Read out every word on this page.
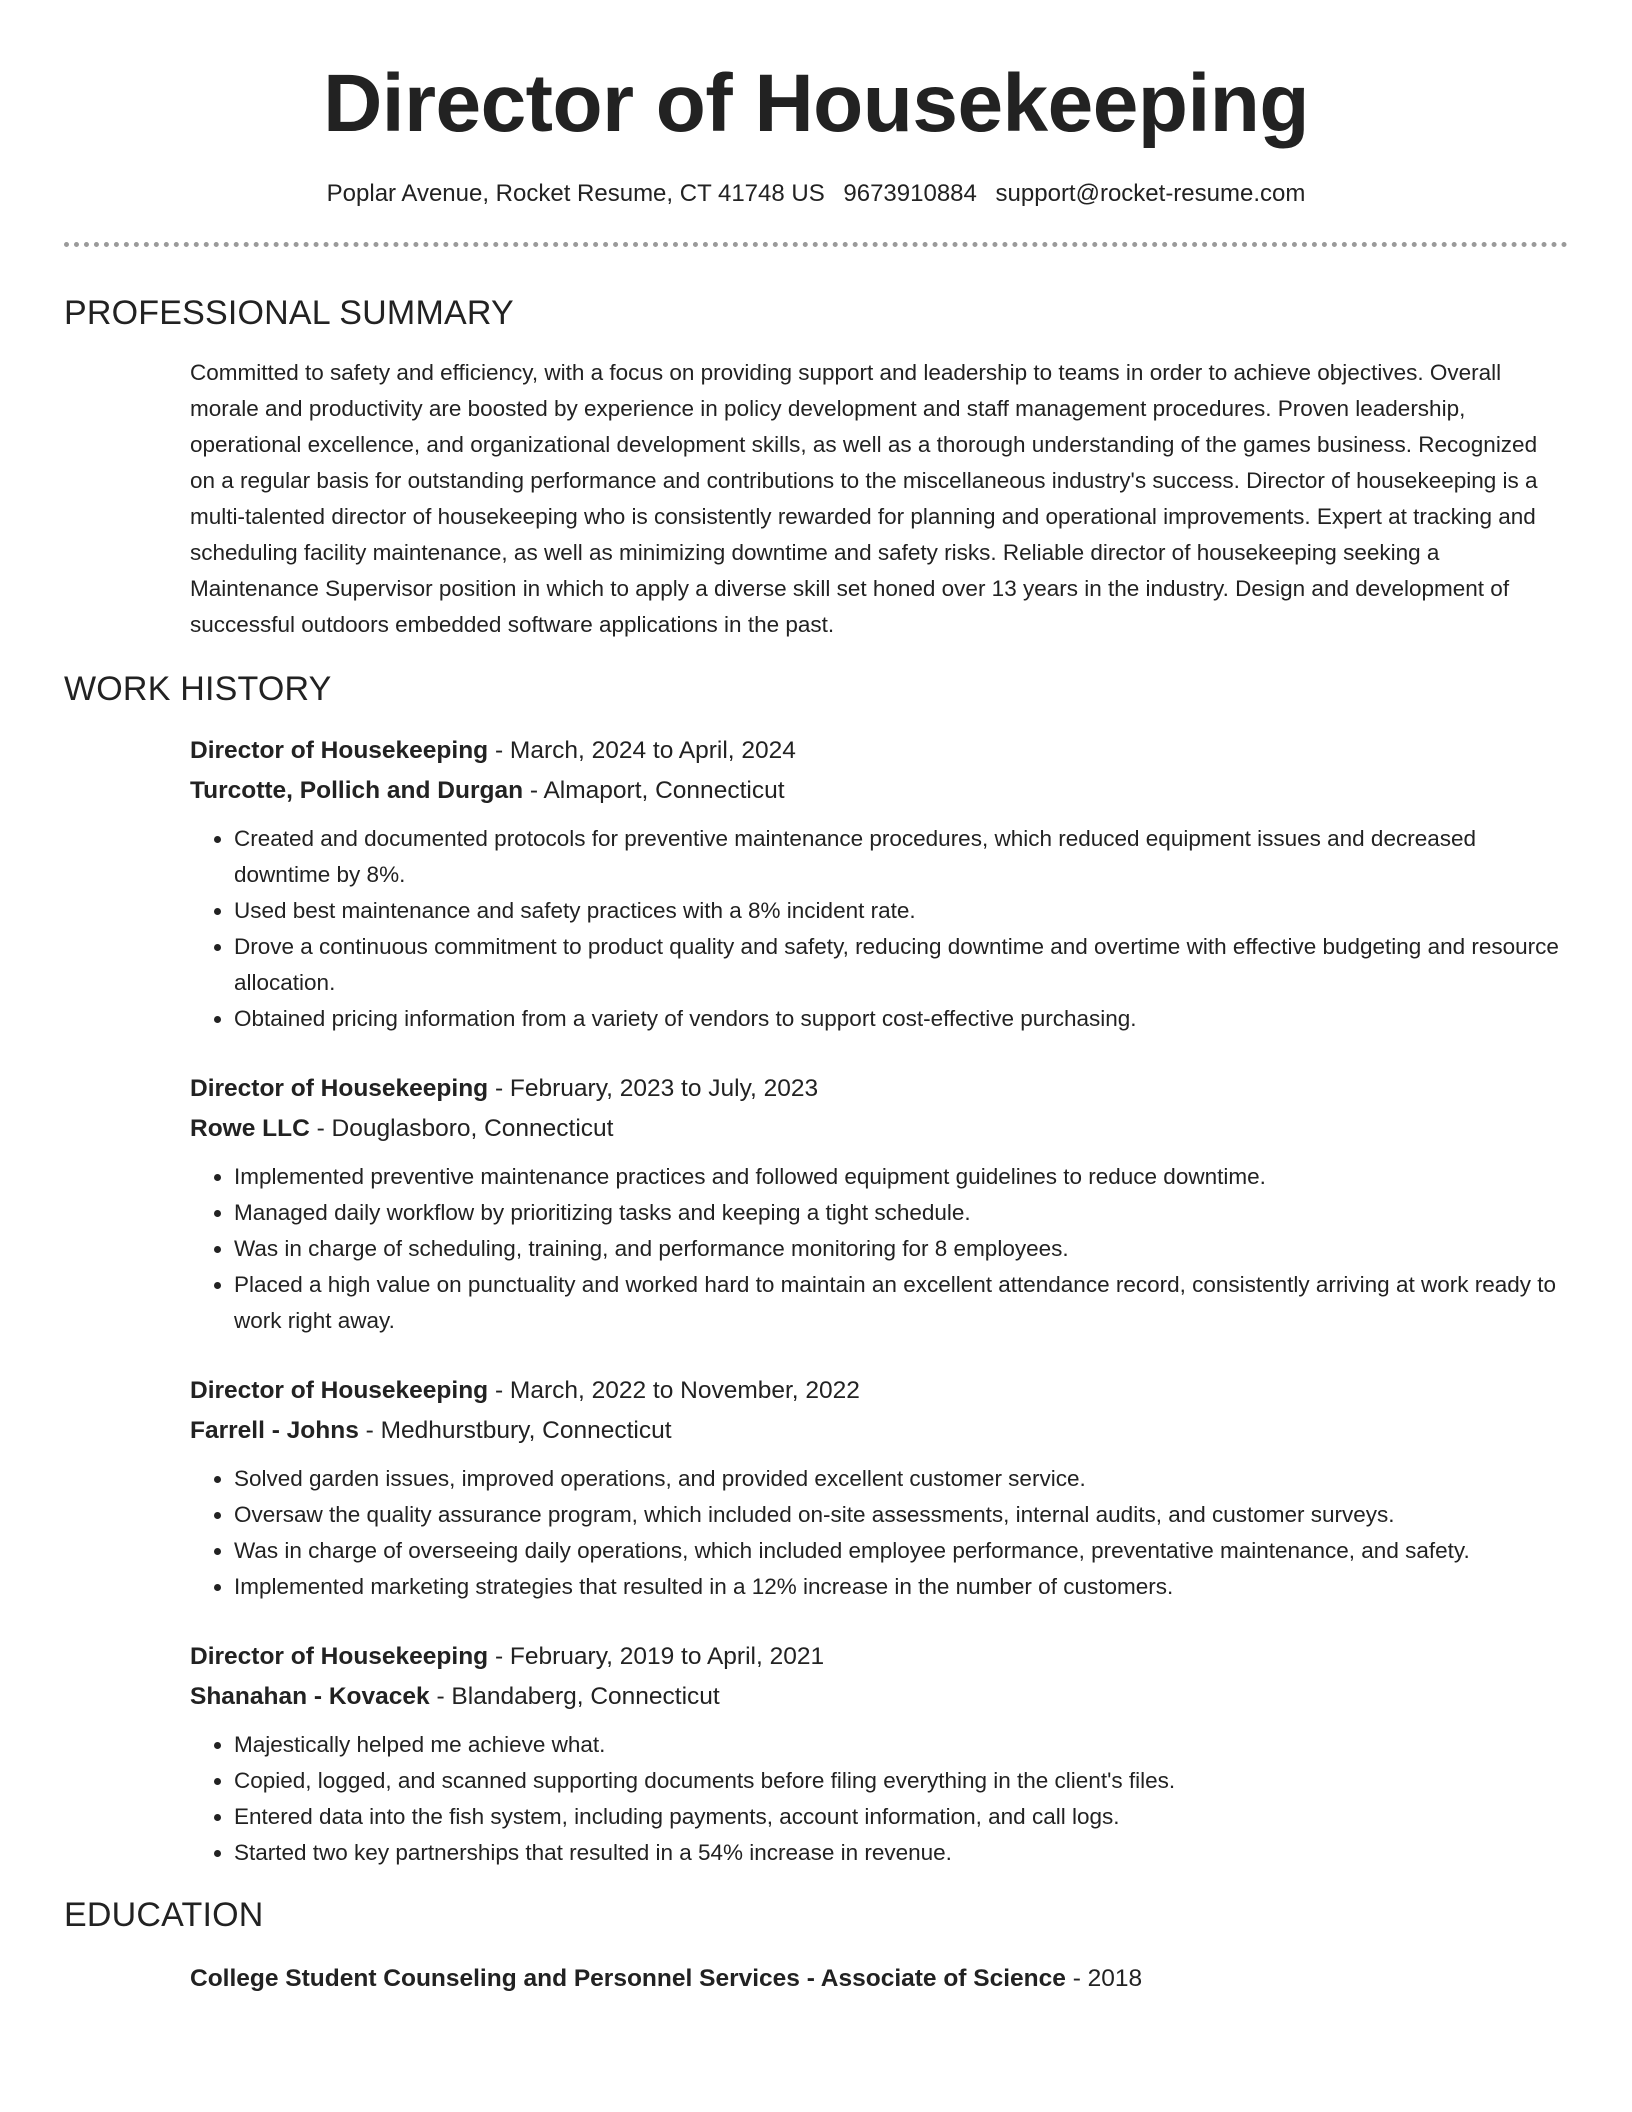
Director of Housekeeping
Poplar Avenue, Rocket Resume, CT 41748 US 9673910884 support@rocket-resume.com
PROFESSIONAL SUMMARY

Committed to safety and efficiency, with a focus on providing support and leadership to teams in order to achieve objectives. Overall morale and productivity are boosted by experience in policy development and staff management procedures. Proven leadership, operational excellence, and organizational development skills, as well as a thorough understanding of the games business. Recognized on a regular basis for outstanding performance and contributions to the miscellaneous industry's success. Director of housekeeping is a multi-talented director of housekeeping who is consistently rewarded for planning and operational improvements. Expert at tracking and scheduling facility maintenance, as well as minimizing downtime and safety risks. Reliable director of housekeeping seeking a Maintenance Supervisor position in which to apply a diverse skill set honed over 13 years in the industry. Design and development of successful outdoors embedded software applications in the past.

WORK HISTORY
Director of Housekeeping - March, 2024 to April, 2024
Turcotte, Pollich and Durgan - Almaport, Connecticut
• Created and documented protocols for preventive maintenance procedures, which reduced equipment issues and decreased downtime by 8%.
• Used best maintenance and safety practices with a 8% incident rate.
• Drove a continuous commitment to product quality and safety, reducing downtime and overtime with effective budgeting and resource allocation.
• Obtained pricing information from a variety of vendors to support cost-effective purchasing.
Director of Housekeeping - February, 2023 to July, 2023
Rowe LLC - Douglasboro, Connecticut
• Implemented preventive maintenance practices and followed equipment guidelines to reduce downtime.
• Managed daily workflow by prioritizing tasks and keeping a tight schedule.
• Was in charge of scheduling, training, and performance monitoring for 8 employees.
• Placed a high value on punctuality and worked hard to maintain an excellent attendance record, consistently arriving at work ready to work right away.
Director of Housekeeping - March, 2022 to November, 2022
Farrell - Johns - Medhurstbury, Connecticut
• Solved garden issues, improved operations, and provided excellent customer service.
• Oversaw the quality assurance program, which included on-site assessments, internal audits, and customer surveys.
• Was in charge of overseeing daily operations, which included employee performance, preventative maintenance, and safety.
• Implemented marketing strategies that resulted in a 12% increase in the number of customers.
Director of Housekeeping - February, 2019 to April, 2021
Shanahan - Kovacek - Blandaberg, Connecticut
• Majestically helped me achieve what.
• Copied, logged, and scanned supporting documents before filing everything in the client's files.
• Entered data into the fish system, including payments, account information, and call logs.
• Started two key partnerships that resulted in a 54% increase in revenue.
EDUCATION
College Student Counseling and Personnel Services - Associate of Science - 2018
